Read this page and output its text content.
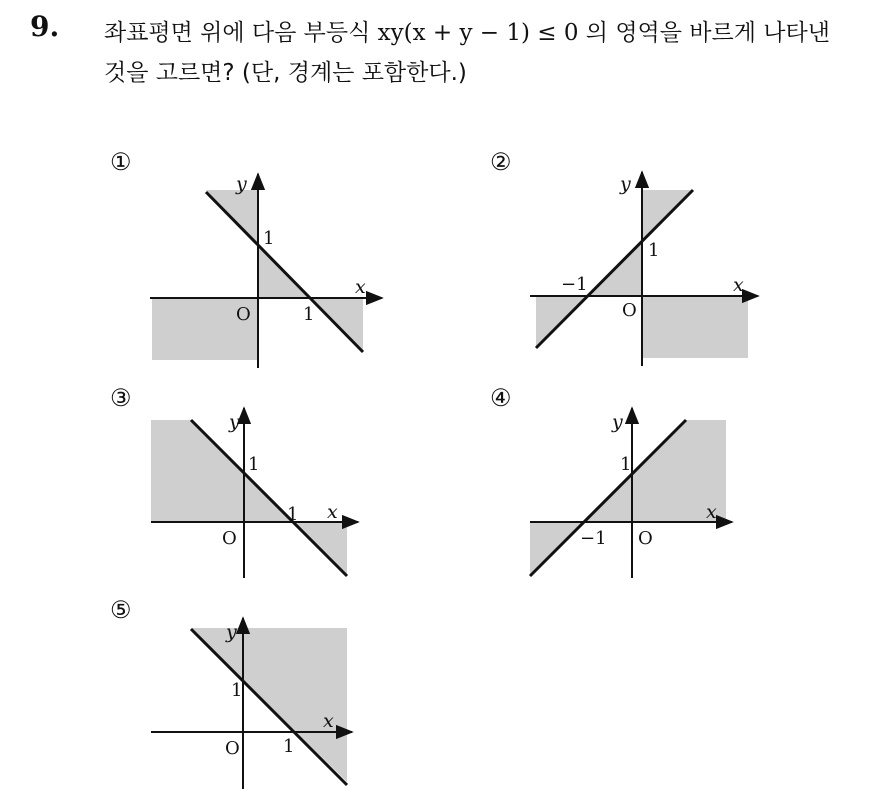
9. 좌표평면 위에 다음 부등식 xy(x + y − 1) ≤ 0 의 영역을 바르게 나타낸
것을 고르면? (단, 경계는 포함한다.)
①	②
③	④
⑤
y
x
1
O	1
y
x
1
−1
O
y
x
1
O
1
y
x
1
−1 O
y
x
1
O 1
